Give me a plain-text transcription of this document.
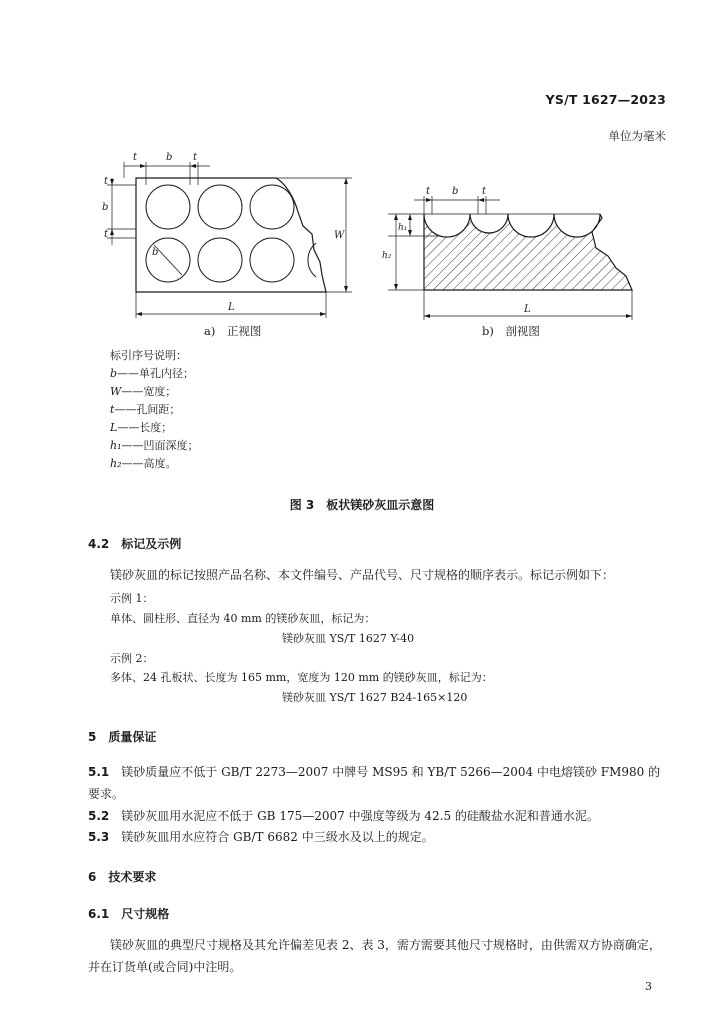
YS/T 1627—2023
单位为毫米
t	b t
t
b
t
b
W
L
t b t
h₁
h₂
L
a)　正视图	b)　剖视图
标引序号说明：
b——单孔内径；
W——宽度；
t——孔间距；
L——长度；
h₁——凹面深度；
h₂——高度。
图 3　板状镁砂灰皿示意图
4.2　标记及示例
镁砂灰皿的标记按照产品名称、本文件编号、产品代号、尺寸规格的顺序表示。标记示例如下：
示例 1：
单体、圆柱形、直径为 40 mm 的镁砂灰皿，标记为：
镁砂灰皿 YS/T 1627 Y-40
示例 2：
多体、24 孔板状、长度为 165 mm，宽度为 120 mm 的镁砂灰皿，标记为：
镁砂灰皿 YS/T 1627 B24-165×120
5　质量保证
5.1　 镁砂质量应不低于 GB/T 2273—2007 中牌号 MS95 和 YB/T 5266—2004 中电熔镁砂 FM980 的要求。
5.2　 镁砂灰皿用水泥应不低于 GB 175—2007 中强度等级为 42.5 的硅酸盐水泥和普通水泥。
5.3　 镁砂灰皿用水应符合 GB/T 6682 中三级水及以上的规定。
6　技术要求
6.1　尺寸规格
镁砂灰皿的典型尺寸规格及其允许偏差见表 2、表 3，需方需要其他尺寸规格时，由供需双方协商确定，并在订货单(或合同)中注明。
3
